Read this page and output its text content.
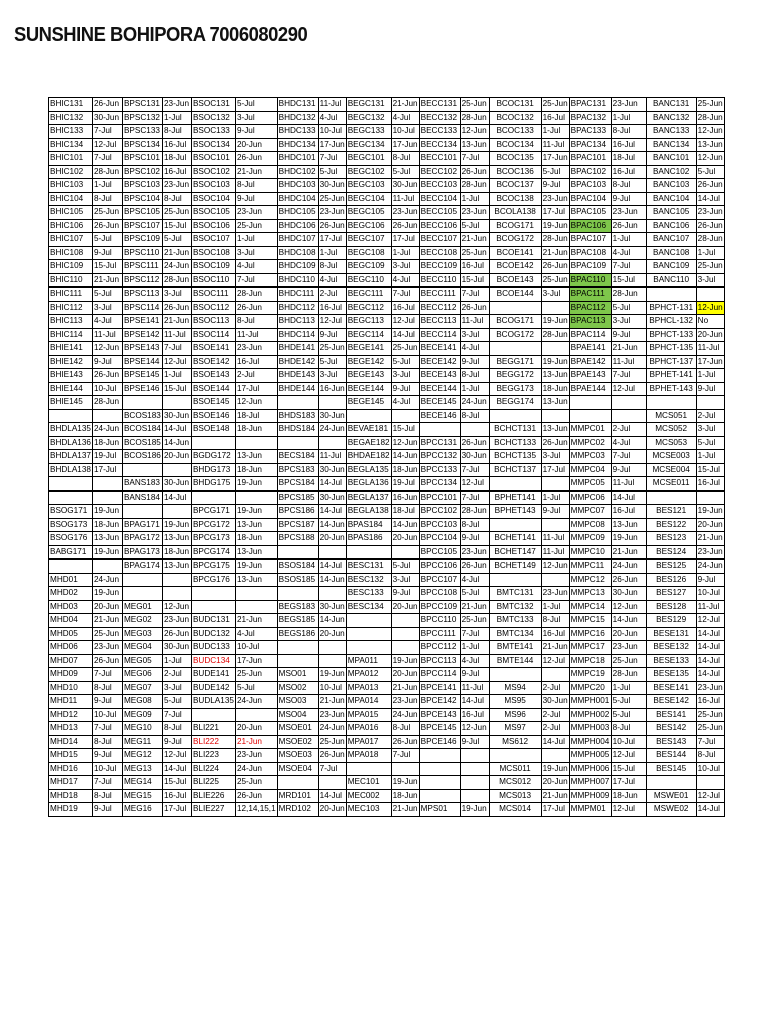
SUNSHINE BOHIPORA 7006080290
BHIC131	26-Jun	BPSC131	23-Jun	BSOC131	5-Jul	BHDC131	11-Jul	BEGC131	21-Jun	BECC131	25-Jun	BCOC131	25-Jun	BPAC131	23-Jun	BANC131	25-Jun
BHIC132	30-Jun	BPSC132	1-Jul	BSOC132	3-Jul	BHDC132	4-Jul	BEGC132	4-Jul	BECC132	28-Jun	BCOC132	16-Jul	BPAC132	1-Jul	BANC132	28-Jun
BHIC133	7-Jul	BPSC133	8-Jul	BSOC133	9-Jul	BHDC133	10-Jul	BEGC133	10-Jul	BECC133	12-Jun	BCOC133	1-Jul	BPAC133	8-Jul	BANC133	12-Jun
BHIC134	12-Jul	BPSC134	16-Jul	BSOC134	20-Jun	BHDC134	17-Jun	BEGC134	17-Jun	BECC134	13-Jun	BCOC134	11-Jul	BPAC134	16-Jul	BANC134	13-Jun
BHIC101	7-Jul	BPSC101	18-Jul	BSOC101	26-Jun	BHDC101	7-Jul	BEGC101	8-Jul	BECC101	7-Jul	BCOC135	17-Jun	BPAC101	18-Jul	BANC101	12-Jun
BHIC102	28-Jun	BPSC102	16-Jul	BSOC102	21-Jun	BHDC102	5-Jul	BEGC102	5-Jul	BECC102	26-Jun	BCOC136	5-Jul	BPAC102	16-Jul	BANC102	5-Jul
BHIC103	1-Jul	BPSC103	23-Jun	BSOC103	8-Jul	BHDC103	30-Jun	BEGC103	30-Jun	BECC103	28-Jun	BCOC137	9-Jul	BPAC103	8-Jul	BANC103	26-Jun
BHIC104	8-Jul	BPSC104	8-Jul	BSOC104	9-Jul	BHDC104	25-Jun	BEGC104	11-Jul	BECC104	1-Jul	BCOC138	23-Jun	BPAC104	9-Jul	BANC104	14-Jul
BHIC105	25-Jun	BPSC105	25-Jun	BSOC105	23-Jun	BHDC105	23-Jun	BEGC105	23-Jun	BECC105	23-Jun	BCOLA138	17-Jul	BPAC105	23-Jun	BANC105	23-Jun
BHIC106	26-Jun	BPSC107	15-Jul	BSOC106	25-Jun	BHDC106	26-Jun	BEGC106	26-Jun	BECC106	5-Jul	BCOG171	19-Jun	BPAC106	26-Jun	BANC106	26-Jun
BHIC107	5-Jul	BPSC109	5-Jul	BSOC107	1-Jul	BHDC107	17-Jul	BEGC107	17-Jul	BECC107	21-Jun	BCOG172	28-Jun	BPAC107	1-Jul	BANC107	28-Jun
BHIC108	9-Jul	BPSC110	21-Jun	BSOC108	3-Jul	BHDC108	1-Jul	BEGC108	1-Jul	BECC108	25-Jun	BCOE141	21-Jun	BPAC108	4-Jul	BANC108	1-Jul
BHIC109	15-Jul	BPSC111	24-Jun	BSOC109	4-Jul	BHDC109	8-Jul	BEGC109	3-Jul	BECC109	16-Jul	BCOE142	26-Jun	BPAC109	7-Jul	BANC109	25-Jun
BHIC110	21-Jun	BPSC112	28-Jun	BSOC110	7-Jul	BHDC110	4-Jul	BEGC110	4-Jul	BECC110	15-Jul	BCOE143	25-Jun	BPAC110	15-Jul	BANC110	3-Jul
BHIC111	5-Jul	BPSC113	3-Jul	BSOC111	28-Jun	BHDC111	2-Jul	BEGC111	7-Jul	BECC111	7-Jul	BCOE144	3-Jul	BPAC111	28-Jun		
BHIC112	3-Jul	BPSC114	26-Jun	BSOC112	26-Jun	BHDC112	16-Jul	BEGC112	16-Jul	BECC112	26-Jun			BPAC112	5-Jul	BPHCT-131	12-Jun
BHIC113	4-Jul	BPSE141	21-Jun	BSOC113	8-Jul	BHDC113	12-Jul	BEGC113	12-Jul	BECC113	11-Jul	BCOG171	19-Jun	BPAC113	3-Jul	BPHCL-132	No
BHIC114	11-Jul	BPSE142	11-Jul	BSOC114	11-Jul	BHDC114	9-Jul	BEGC114	14-Jul	BECC114	3-Jul	BCOG172	28-Jun	BPAC114	9-Jul	BPHCT-133	20-Jun
BHIE141	12-Jun	BPSE143	7-Jul	BSOE141	23-Jun	BHDE141	25-Jun	BEGE141	25-Jun	BECE141	4-Jul			BPAE141	21-Jun	BPHCT-135	11-Jul
BHIE142	9-Jul	BPSE144	12-Jul	BSOE142	16-Jul	BHDE142	5-Jul	BEGE142	5-Jul	BECE142	9-Jul	BEGG171	19-Jun	BPAE142	11-Jul	BPHCT-137	17-Jun
BHIE143	26-Jun	BPSE145	1-Jul	BSOE143	2-Jul	BHDE143	3-Jul	BEGE143	3-Jul	BECE143	8-Jul	BEGG172	13-Jun	BPAE143	7-Jul	BPHET-141	1-Jul
BHIE144	10-Jul	BPSE146	15-Jul	BSOE144	17-Jul	BHDE144	16-Jun	BEGE144	9-Jul	BECE144	1-Jul	BEGG173	18-Jun	BPAE144	12-Jul	BPHET-143	9-Jul
BHIE145	28-Jun			BSOE145	12-Jun			BEGE145	4-Jul	BECE145	24-Jun	BEGG174	13-Jun				
		BCOS183	30-Jun	BSOE146	18-Jul	BHDS183	30-Jun			BECE146	8-Jul					MCS051	2-Jul
BHDLA135	24-Jun	BCOS184	14-Jul	BSOE148	18-Jun	BHDS184	24-Jun	BEVAE181	15-Jul			BCHCT131	13-Jun	MMPC01	2-Jul	MCS052	3-Jul
BHDLA136	18-Jun	BCOS185	14-Jun					BEGAE182	12-Jun	BPCC131	26-Jun	BCHCT133	26-Jun	MMPC02	4-Jul	MCS053	5-Jul
BHDLA137	19-Jul	BCOS186	20-Jun	BGDG172	13-Jun	BECS184	11-Jul	BHDAE182	14-Jun	BPCC132	30-Jun	BCHCT135	3-Jul	MMPC03	7-Jul	MCSE003	1-Jul
BHDLA138	17-Jul			BHDG173	18-Jun	BPCS183	30-Jun	BEGLA135	18-Jun	BPCC133	7-Jul	BCHCT137	17-Jul	MMPC04	9-Jul	MCSE004	15-Jul
		BANS183	30-Jun	BHDG175	19-Jun	BPCS184	14-Jul	BEGLA136	19-Jul	BPCC134	12-Jul			MMPC05	11-Jul	MCSE011	16-Jul
		BANS184	14-Jul			BPCS185	30-Jun	BEGLA137	16-Jun	BPCC101	7-Jul	BPHET141	1-Jul	MMPC06	14-Jul		
BSOG171	19-Jun			BPCG171	19-Jun	BPCS186	14-Jul	BEGLA138	18-Jul	BPCC102	28-Jun	BPHET143	9-Jul	MMPC07	16-Jul	BES121	19-Jun
BSOG173	18-Jun	BPAG171	19-Jun	BPCG172	13-Jun	BPCS187	14-Jun	BPAS184	14-Jun	BPCC103	8-Jul			MMPC08	13-Jun	BES122	20-Jun
BSOG176	13-Jun	BPAG172	13-Jun	BPCG173	18-Jun	BPCS188	20-Jun	BPAS186	20-Jun	BPCC104	9-Jul	BCHET141	11-Jul	MMPC09	19-Jun	BES123	21-Jun
BABG171	19-Jun	BPAG173	18-Jun	BPCG174	13-Jun					BPCC105	23-Jun	BCHET147	11-Jul	MMPC10	21-Jun	BES124	23-Jun
		BPAG174	13-Jun	BPCG175	19-Jun	BSOS184	14-Jul	BESC131	5-Jul	BPCC106	26-Jun	BCHET149	12-Jun	MMPC11	24-Jun	BES125	24-Jun
MHD01	24-Jun			BPCG176	13-Jun	BSOS185	14-Jun	BESC132	3-Jul	BPCC107	4-Jul			MMPC12	26-Jun	BES126	9-Jul
MHD02	19-Jun							BESC133	9-Jul	BPCC108	5-Jul	BMTC131	23-Jun	MMPC13	30-Jun	BES127	10-Jul
MHD03	20-Jun	MEG01	12-Jun			BEGS183	30-Jun	BESC134	20-Jun	BPCC109	21-Jun	BMTC132	1-Jul	MMPC14	12-Jun	BES128	11-Jul
MHD04	21-Jun	MEG02	23-Jun	BUDC131	21-Jun	BEGS185	14-Jun			BPCC110	25-Jun	BMTC133	8-Jul	MMPC15	14-Jun	BES129	12-Jul
MHD05	25-Jun	MEG03	26-Jun	BUDC132	4-Jul	BEGS186	20-Jun			BPCC111	7-Jul	BMTC134	16-Jul	MMPC16	20-Jun	BESE131	14-Jul
MHD06	23-Jun	MEG04	30-Jun	BUDC133	10-Jul					BPCC112	1-Jul	BMTE141	21-Jun	MMPC17	23-Jun	BESE132	14-Jul
MHD07	26-Jun	MEG05	1-Jul	BUDC134	17-Jun			MPA011	19-Jun	BPCC113	4-Jul	BMTE144	12-Jul	MMPC18	25-Jun	BESE133	14-Jul
MHD09	7-Jul	MEG06	2-Jul	BUDE141	25-Jun	MSO01	19-Jun	MPA012	20-Jun	BPCC114	9-Jul			MMPC19	28-Jun	BESE135	14-Jul
MHD10	8-Jul	MEG07	3-Jul	BUDE142	5-Jul	MSO02	10-Jul	MPA013	21-Jun	BPCE141	11-Jul	MS94	2-Jul	MMPC20	1-Jul	BESE141	23-Jun
MHD11	9-Jul	MEG08	5-Jul	BUDLA135	24-Jun	MSO03	21-Jun	MPA014	23-Jun	BPCE142	14-Jul	MS95	30-Jun	MMPH001	5-Jul	BESE142	16-Jul
MHD12	10-Jul	MEG09	7-Jul			MSO04	23-Jun	MPA015	24-Jun	BPCE143	16-Jul	MS96	2-Jul	MMPH002	5-Jul	BES141	25-Jun
MHD13	7-Jul	MEG10	8-Jul	BLI221	20-Jun	MSOE01	24-Jun	MPA016	8-Jul	BPCE145	12-Jun	MS97	2-Jul	MMPH003	8-Jul	BES142	25-Jun
MHD14	8-Jul	MEG11	9-Jul	BLI222	21-Jun	MSOE02	25-Jun	MPA017	26-Jun	BPCE146	9-Jul	MS612	14-Jul	MMPH004	10-Jul	BES143	7-Jul
MHD15	9-Jul	MEG12	12-Jul	BLI223	23-Jun	MSOE03	26-Jun	MPA018	7-Jul					MMPH005	12-Jul	BES144	8-Jul
MHD16	10-Jul	MEG13	14-Jul	BLI224	24-Jun	MSOE04	7-Jul					MCS011	19-Jun	MMPH006	15-Jul	BES145	10-Jul
MHD17	7-Jul	MEG14	15-Jul	BLI225	25-Jun			MEC101	19-Jun			MCS012	20-Jun	MMPH007	17-Jul		
MHD18	8-Jul	MEG15	16-Jul	BLIE226	26-Jun	MRD101	14-Jul	MEC002	18-Jun			MCS013	21-Jun	MMPH009	18-Jun	MSWE01	12-Jul
MHD19	9-Jul	MEG16	17-Jul	BLIE227	12,14,15,1	MRD102	20-Jun	MEC103	21-Jun	MPS01	19-Jun	MCS014	17-Jul	MMPM01	12-Jul	MSWE02	14-Jul
